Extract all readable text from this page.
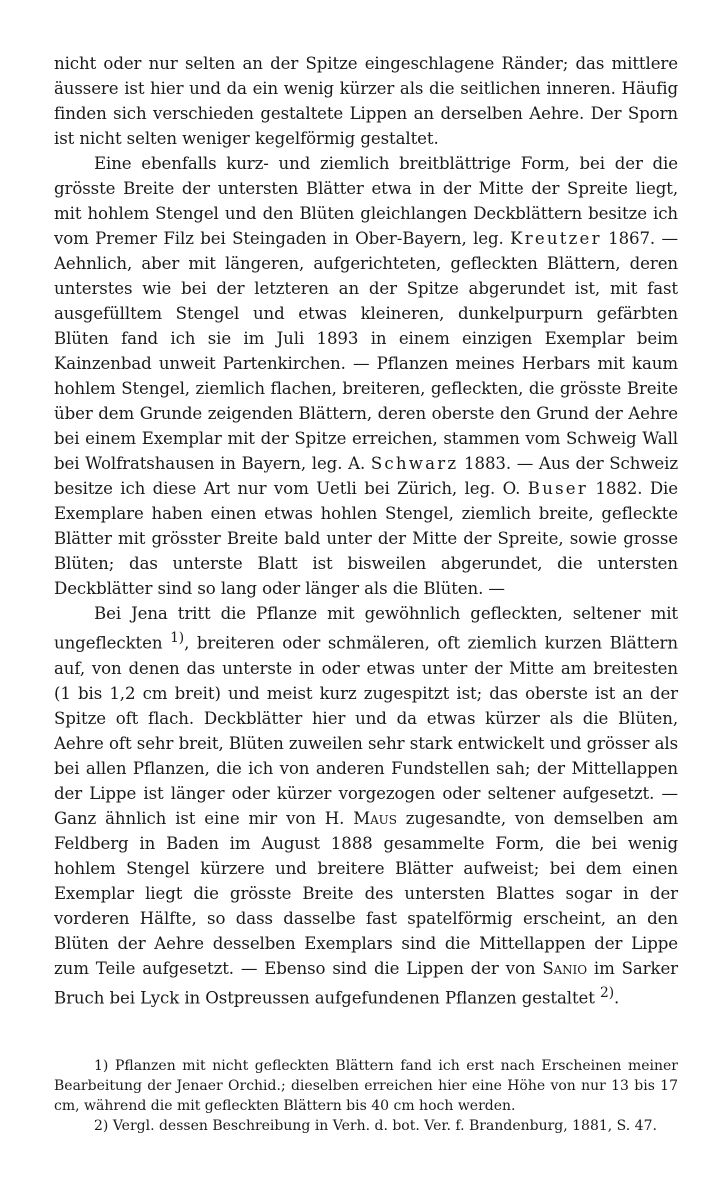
nicht oder nur selten an der Spitze eingeschlagene Ränder; das mittlere äussere ist hier und da ein wenig kürzer als die seitlichen inneren. Häufig finden sich verschieden gestaltete Lippen an derselben Aehre. Der Sporn ist nicht selten weniger kegelförmig gestaltet.

Eine ebenfalls kurz- und ziemlich breitblättrige Form, bei der die grösste Breite der untersten Blätter etwa in der Mitte der Spreite liegt, mit hohlem Stengel und den Blüten gleichlangen Deckblättern besitze ich vom Premer Filz bei Steingaden in Ober-Bayern, leg. Kreutzer 1867. — Aehnlich, aber mit längeren, aufgerichteten, gefleckten Blättern, deren unterstes wie bei der letzteren an der Spitze abgerundet ist, mit fast ausgefülltem Stengel und etwas kleineren, dunkelpurpurn gefärbten Blüten fand ich sie im Juli 1893 in einem einzigen Exemplar beim Kainzenbad unweit Partenkirchen. — Pflanzen meines Herbars mit kaum hohlem Stengel, ziemlich flachen, breiteren, gefleckten, die grösste Breite über dem Grunde zeigenden Blättern, deren oberste den Grund der Aehre bei einem Exemplar mit der Spitze erreichen, stammen vom Schweig Wall bei Wolfratshausen in Bayern, leg. A. Schwarz 1883. — Aus der Schweiz besitze ich diese Art nur vom Uetli bei Zürich, leg. O. Buser 1882. Die Exemplare haben einen etwas hohlen Stengel, ziemlich breite, gefleckte Blätter mit grösster Breite bald unter der Mitte der Spreite, sowie grosse Blüten; das unterste Blatt ist bisweilen abgerundet, die untersten Deckblätter sind so lang oder länger als die Blüten. —

Bei Jena tritt die Pflanze mit gewöhnlich gefleckten, seltener mit ungefleckten $^{1)}$, breiteren oder schmäleren, oft ziemlich kurzen Blättern auf, von denen das unterste in oder etwas unter der Mitte am breitesten (1 bis 1,2 cm breit) und meist kurz zugespitzt ist; das oberste ist an der Spitze oft flach. Deckblätter hier und da etwas kürzer als die Blüten, Aehre oft sehr breit, Blüten zuweilen sehr stark entwickelt und grösser als bei allen Pflanzen, die ich von anderen Fundstellen sah; der Mittellappen der Lippe ist länger oder kürzer vorgezogen oder seltener aufgesetzt. — Ganz ähnlich ist eine mir von H. Maus zugesandte, von demselben am Feldberg in Baden im August 1888 gesammelte Form, die bei wenig hohlem Stengel kürzere und breitere Blätter aufweist; bei dem einen Exemplar liegt die grösste Breite des untersten Blattes sogar in der vorderen Hälfte, so dass dasselbe fast spatelförmig erscheint, an den Blüten der Aehre desselben Exemplars sind die Mittellappen der Lippe zum Teile aufgesetzt. — Ebenso sind die Lippen der von Sanio im Sarker Bruch bei Lyck in Ostpreussen aufgefundenen Pflanzen gestaltet $^{2)}$.

1) Pflanzen mit nicht gefleckten Blättern fand ich erst nach Erscheinen meiner Bearbeitung der Jenaer Orchid.; dieselben erreichen hier eine Höhe von nur 13 bis 17 cm, während die mit gefleckten Blättern bis 40 cm hoch werden.

2) Vergl. dessen Beschreibung in Verh. d. bot. Ver. f. Brandenburg, 1881, S. 47.
